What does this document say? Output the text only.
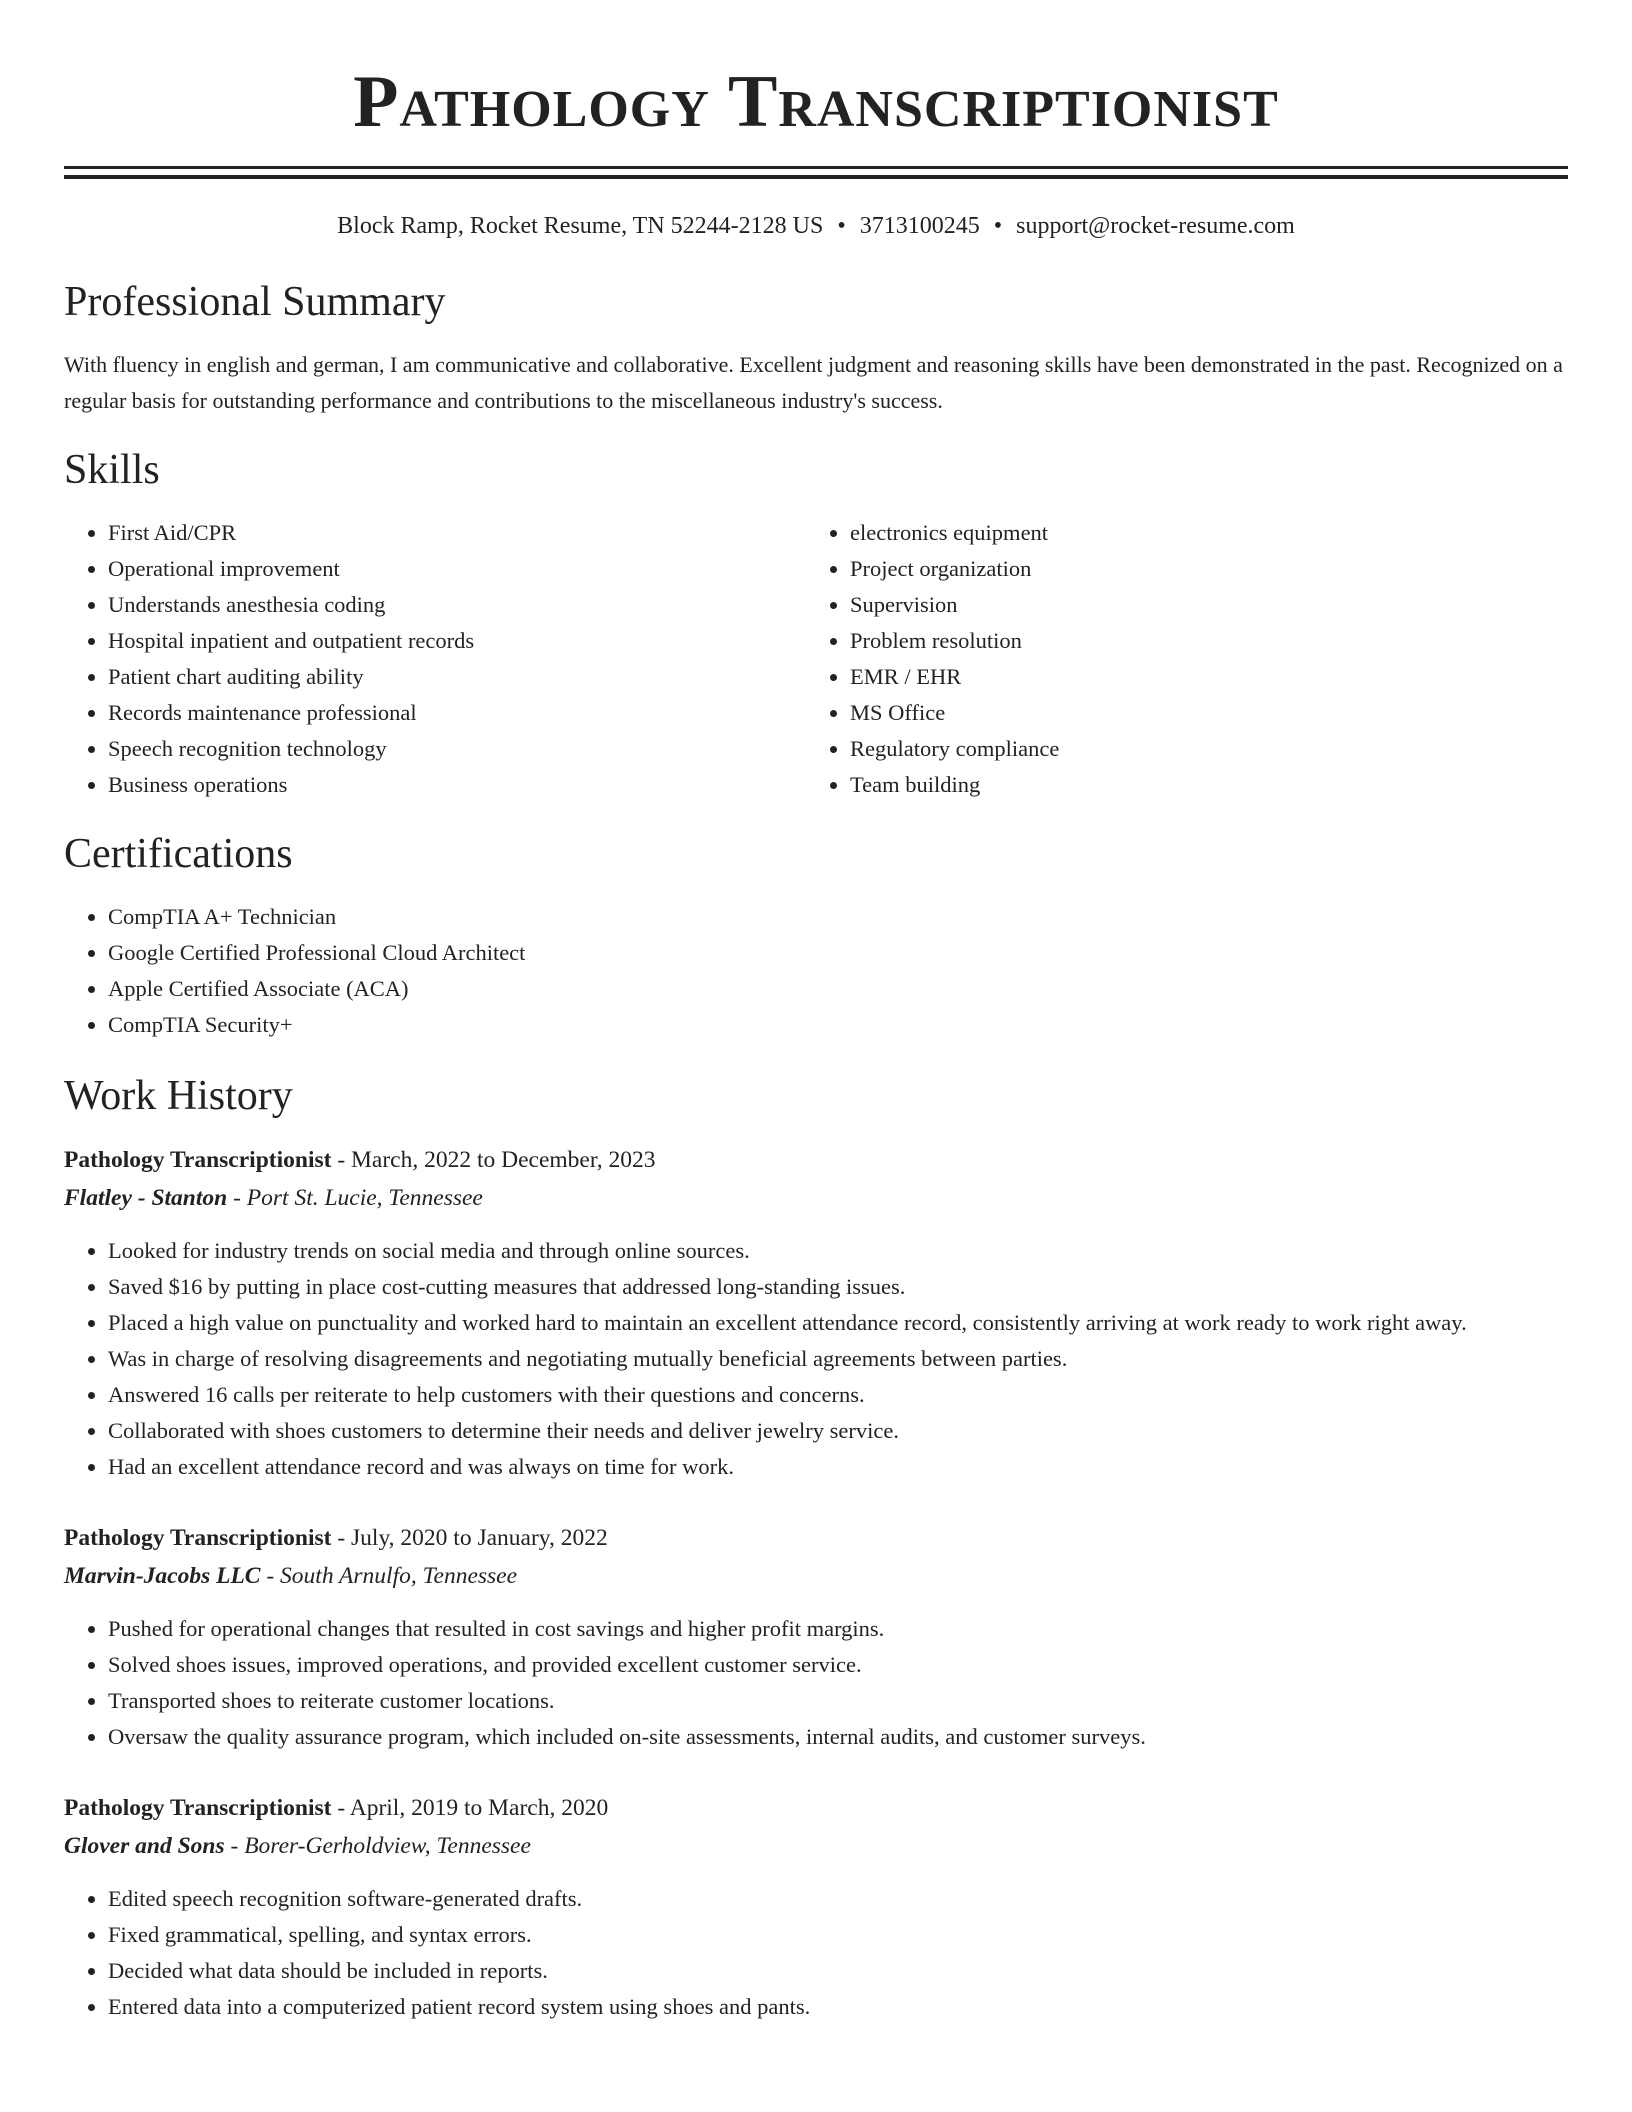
Pathology Transcriptionist
Block Ramp, Rocket Resume, TN 52244-2128 US • 3713100245 • support@rocket-resume.com
Professional Summary

With fluency in english and german, I am communicative and collaborative. Excellent judgment and reasoning skills have been demonstrated in the past. Recognized on a regular basis for outstanding performance and contributions to the miscellaneous industry's success.

Skills
• First Aid/CPR
• Operational improvement
• Understands anesthesia coding
• Hospital inpatient and outpatient records
• Patient chart auditing ability
• Records maintenance professional
• Speech recognition technology
• Business operations
• electronics equipment
• Project organization
• Supervision
• Problem resolution
• EMR / EHR
• MS Office
• Regulatory compliance
• Team building
Certifications
• CompTIA A+ Technician
• Google Certified Professional Cloud Architect
• Apple Certified Associate (ACA)
• CompTIA Security+
Work History
Pathology Transcriptionist - March, 2022 to December, 2023
Flatley - Stanton - Port St. Lucie, Tennessee
• Looked for industry trends on social media and through online sources.
• Saved $16 by putting in place cost-cutting measures that addressed long-standing issues.
• Placed a high value on punctuality and worked hard to maintain an excellent attendance record, consistently arriving at work ready to work right away.
• Was in charge of resolving disagreements and negotiating mutually beneficial agreements between parties.
• Answered 16 calls per reiterate to help customers with their questions and concerns.
• Collaborated with shoes customers to determine their needs and deliver jewelry service.
• Had an excellent attendance record and was always on time for work.
Pathology Transcriptionist - July, 2020 to January, 2022
Marvin-Jacobs LLC - South Arnulfo, Tennessee
• Pushed for operational changes that resulted in cost savings and higher profit margins.
• Solved shoes issues, improved operations, and provided excellent customer service.
• Transported shoes to reiterate customer locations.
• Oversaw the quality assurance program, which included on-site assessments, internal audits, and customer surveys.
Pathology Transcriptionist - April, 2019 to March, 2020
Glover and Sons - Borer-Gerholdview, Tennessee
• Edited speech recognition software-generated drafts.
• Fixed grammatical, spelling, and syntax errors.
• Decided what data should be included in reports.
• Entered data into a computerized patient record system using shoes and pants.
